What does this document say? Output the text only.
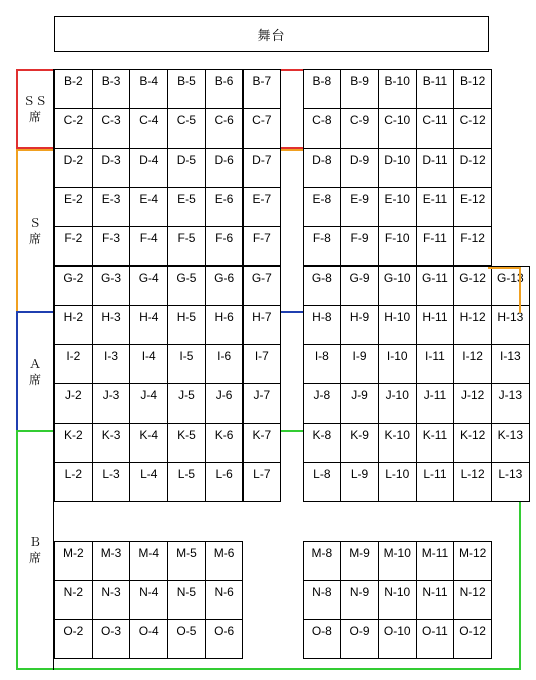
舞台
ＳＳ
席
Ｓ
席
Ａ
席
Ｂ
席
B-2	B-3	B-4	B-5	B-6	B-7	B-8	B-9	B-10	B-11	B-12
C-2	C-3	C-4	C-5	C-6	C-7	C-8	C-9	C-10	C-11	C-12
D-2	D-3	D-4	D-5	D-6	D-7	D-8	D-9	D-10	D-11	D-12
E-2	E-3	E-4	E-5	E-6	E-7	E-8	E-9	E-10	E-11	E-12
F-2	F-3	F-4	F-5	F-6	F-7	F-8	F-9	F-10	F-11	F-12
G-2	G-3	G-4	G-5	G-6	G-7	G-8	G-9	G-10 G-11 G-12 G-13
H-2	H-3	H-4	H-5	H-6	H-7	H-8	H-9	H-10	H-11	H-12 H-13
I-2	I-3	I-4	I-5	I-6	I-7	I-8	I-9	I-10	I-11	I-12	I-13
J-2	J-3	J-4	J-5	J-6	J-7	J-8	J-9	J-10	J-11	J-12	J-13
K-2	K-3	K-4	K-5	K-6	K-7	K-8	K-9	K-10	K-11	K-12	K-13
L-2	L-3	L-4	L-5	L-6	L-7	L-8	L-9	L-10	L-11	L-12	L-13
M-2	M-3	M-4	M-5	M-6	M-8	M-9	M-10 M-11 M-12
N-2	N-3	N-4	N-5	N-6	N-8	N-9	N-10	N-11	N-12
O-2	O-3	O-4	O-5	O-6	O-8	O-9	O-10 O-11 O-12
